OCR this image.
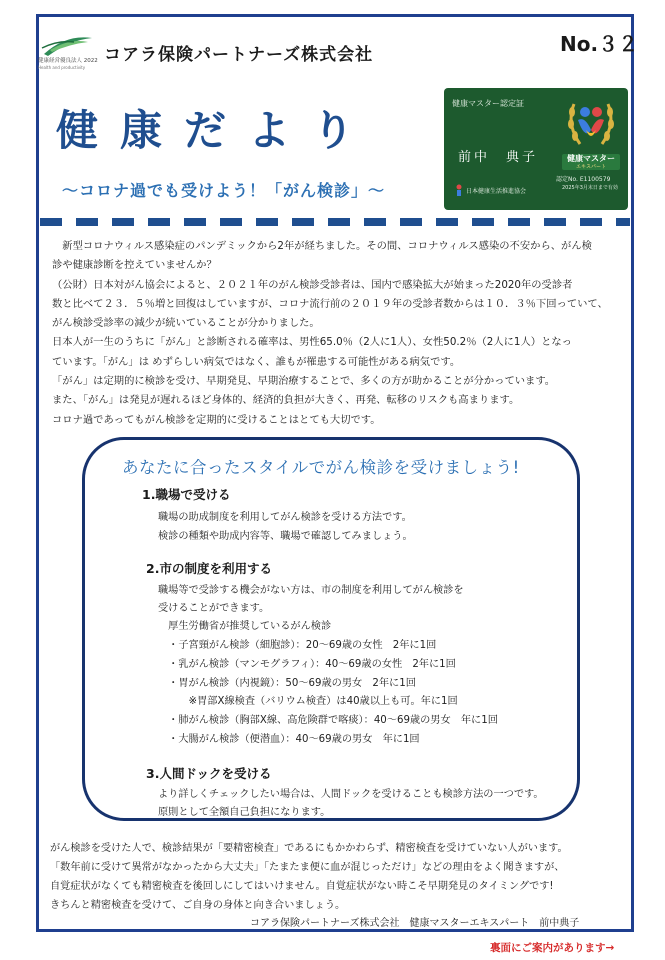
健康経営優良法人 2022
Health and productivity
コアラ保険パートナーズ株式会社	No.３２
健康だより
～コロナ過でも受けよう！「がん検診」～
健康マスター認定証
前中　典子	健康マスター
エキスパート
認定No. E1100579
2025年3月末日まで有効
日本健康生活推進協会

　新型コロナウィルス感染症のパンデミックから2年が経ちました。その間、コロナウィルス感染の不安から、がん検

診や健康診断を控えていませんか？

（公財）日本対がん協会によると、２０２１年のがん検診受診者は、国内で感染拡大が始まった2020年の受診者

数と比べて２３．５％増と回復はしていますが、コロナ流行前の２０１９年の受診者数からは１０．３％下回っていて、

がん検診受診率の減少が続いていることが分かりました。

日本人が一生のうちに「がん」と診断される確率は、男性65.0％（2人に1人）、女性50.2％（2人に1人）となっ

ています。「がん」は めずらしい病気ではなく、誰もが罹患する可能性がある病気です。

「がん」は定期的に検診を受け、早期発見、早期治療することで、多くの方が助かることが分かっています。

また、「がん」は発見が遅れるほど身体的、経済的負担が大きく、再発、転移のリスクも高まります。

コロナ過であってもがん検診を定期的に受けることはとても大切です。

あなたに合ったスタイルでがん検診を受けましょう!
1.職場で受ける
職場の助成制度を利用してがん検診を受ける方法です。
検診の種類や助成内容等、職場で確認してみましょう。
2.市の制度を利用する
職場等で受診する機会がない方は、市の制度を利用してがん検診を
受けることができます。
　厚生労働省が推奨しているがん検診
　・子宮頸がん検診（細胞診）：20～69歳の女性　2年に1回
　・乳がん検診（マンモグラフィ）：40～69歳の女性　2年に1回
　・胃がん検診（内視鏡）：50～69歳の男女　2年に1回
　　　※胃部X線検査（バリウム検査）は40歳以上も可。年に1回
　・肺がん検診（胸部X線、高危険群で喀痰）：40～69歳の男女　年に1回
　・大腸がん検診（便潜血）：40～69歳の男女　年に1回
3.人間ドックを受ける
より詳しくチェックしたい場合は、人間ドックを受けることも検診方法の一つです。
原則として全額自己負担になります。

がん検診を受けた人で、検診結果が「要精密検査」であるにもかかわらず、精密検査を受けていない人がいます。

「数年前に受けて異常がなかったから大丈夫」「たまたま便に血が混じっただけ」などの理由をよく聞きますが、

自覚症状がなくても精密検査を後回しにしてはいけません。自覚症状がない時こそ早期発見のタイミングです!

きちんと精密検査を受けて、ご自身の身体と向き合いましょう。

コアラ保険パートナーズ株式会社　健康マスターエキスパート　前中典子
裏面にご案内があります→
